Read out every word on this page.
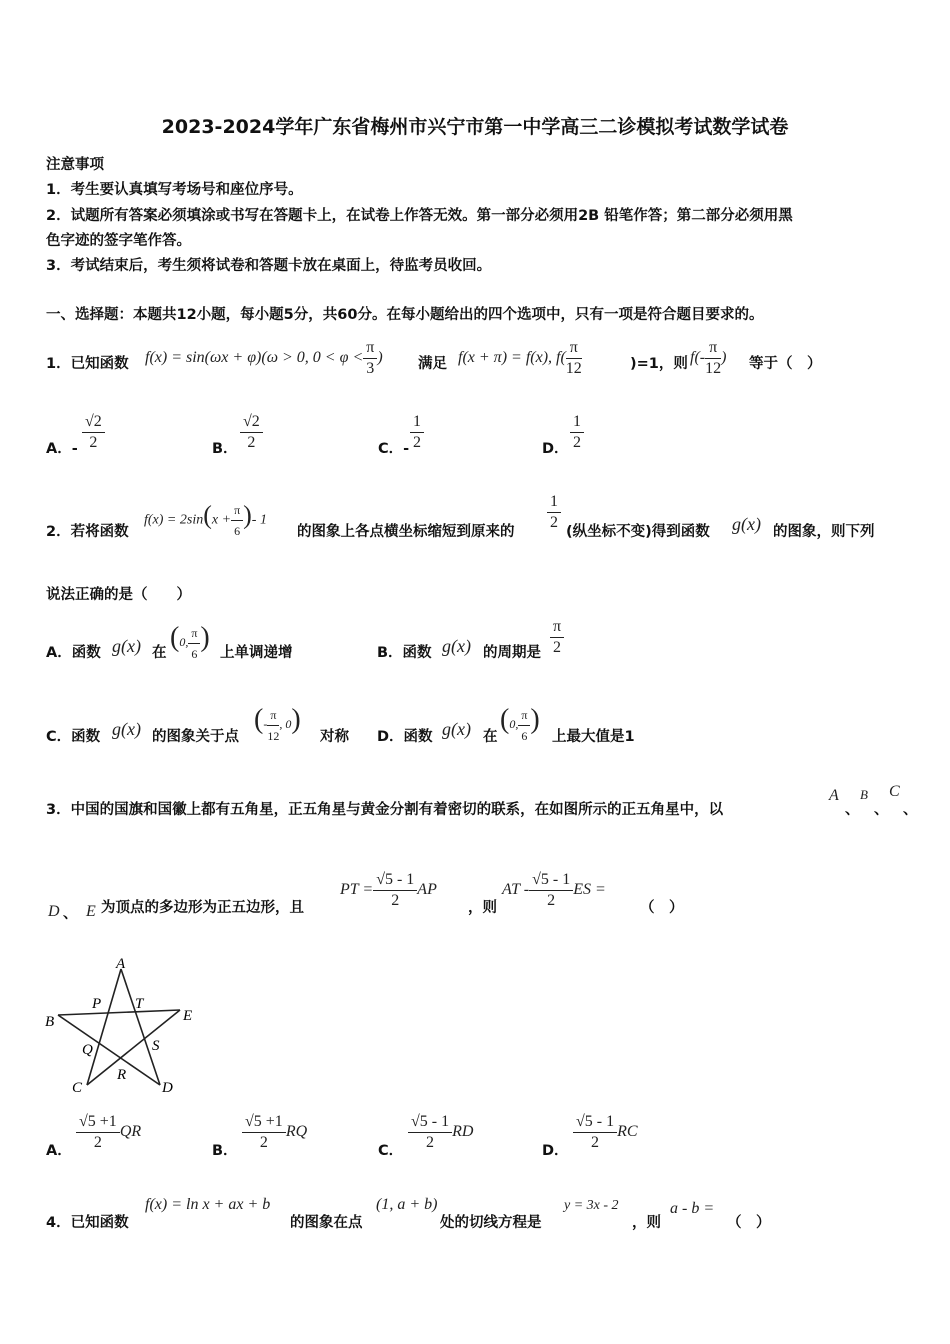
2023-2024学年广东省梅州市兴宁市第一中学高三二诊模拟考试数学试卷
注意事项
1．考生要认真填写考场号和座位序号。
2．试题所有答案必须填涂或书写在答题卡上，在试卷上作答无效。第一部分必须用2B 铅笔作答；第二部分必须用黑
色字迹的签字笔作答。
3．考试结束后，考生须将试卷和答题卡放在桌面上，待监考员收回。
一、选择题：本题共12小题，每小题5分，共60分。在每小题给出的四个选项中，只有一项是符合题目要求的。
1．已知函数 f(x) = sin(ωx + φ)(ω > 0, $0 < \varphi < \frac{\pi}{3}$ ) 满足 f(x + π) = f(x), $f( \frac{\pi}{12}$	)=1，则 $f(- \frac{\pi}{12}$ ) 等于（　）
A．- $\frac{√2}{2}$	B． $\frac{√2}{2}$	C．- $\frac{1}{2}$	D． $\frac{1}{2}$
2．若将函数
$f(x) = 2\sin(x + \frac{\pi}{6}$ )- 1
的图象上各点横坐标缩短到原来的 $\frac{1}{2}$ (纵坐标不变)得到函数 g(x) 的图象，则下列
说法正确的是（　　）
A．函数 g(x) 在 (0, $\frac{\pi}{6}$ ) 上单调递增	B．函数 g(x) 的周期是 $\frac{\pi}{2}$
C．函数 g(x) 的图象关于点
(- $\frac{\pi}{12}$ , 0)
对称 D．函数 g(x) 在
(0, $\frac{\pi}{6}$ )
上最大值是1
3．中国的国旗和国徽上都有五角星，正五角星与黄金分割有着密切的联系，在如图所示的正五角星中，以
A
、
B
、
C
、
D 、 E 为顶点的多边形为正五边形，且
PT = $\frac{√5 - 1}{2}$ AP
，则
AT - $\frac{√5 - 1}{2}$ ES =
（　）
A
B
C	D
E
P T
Q
R
S
A． $\frac{√5 +1}{2}$ QR
B． $\frac{√5 +1}{2}$ RQ
C． $\frac{√5 - 1}{2}$ RD
D． $\frac{√5 - 1}{2}$ RC
4．已知函数
f(x) = ln x + ax + b
的图象在点
(1, a + b)
处的切线方程是
y = 3x - 2
，则
a - b =
（　）
